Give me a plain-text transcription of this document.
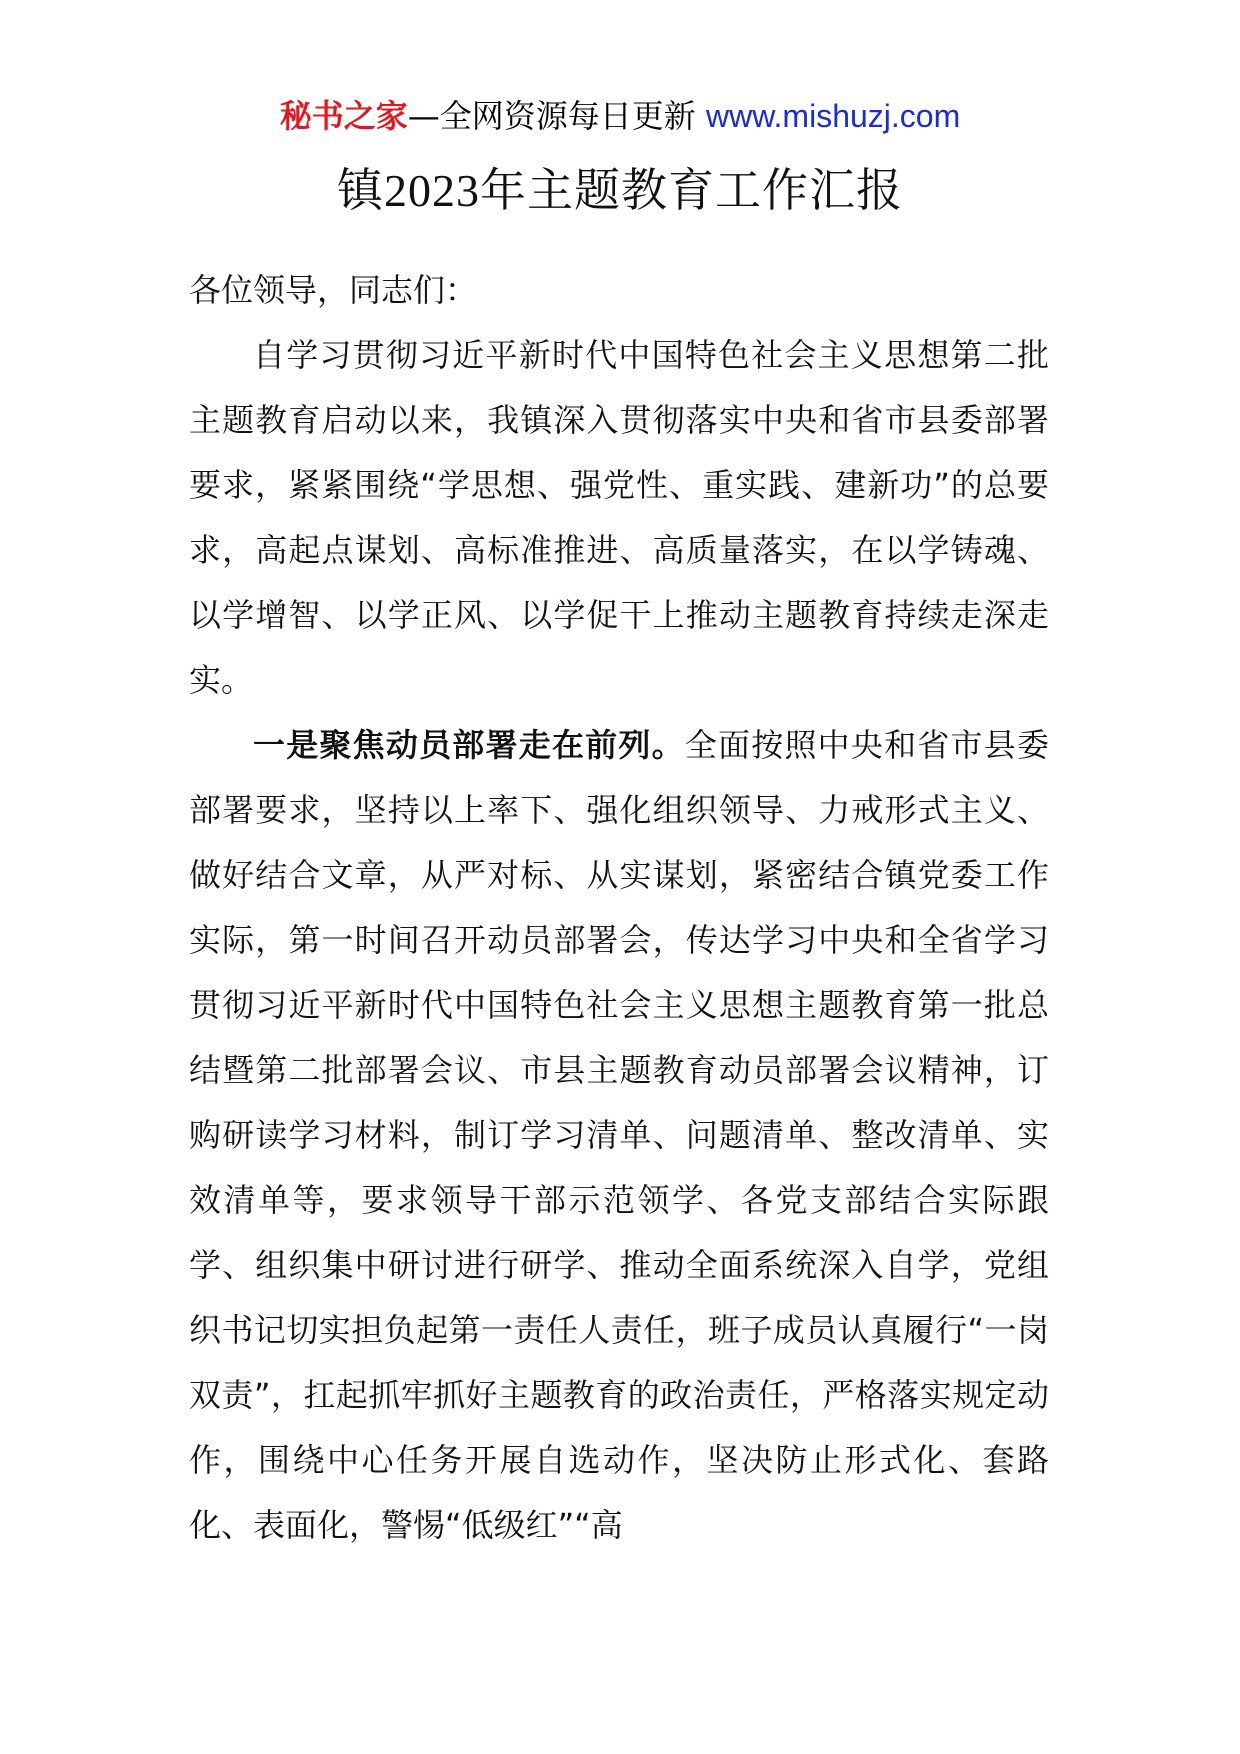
秘书之家—全网资源每日更新 www.mishuzj.com
镇2023年主题教育工作汇报

各位领导，同志们：

自学习贯彻习近平新时代中国特色社会主义思想第二批主题教育启动以来，我镇深入贯彻落实中央和省市县委部署要求，紧紧围绕“学思想、强党性、重实践、建新功”的总要求，高起点谋划、高标准推进、高质量落实，在以学铸魂、以学增智、以学正风、以学促干上推动主题教育持续走深走实。

一是聚焦动员部署走在前列。全面按照中央和省市县委部署要求，坚持以上率下、强化组织领导、力戒形式主义、做好结合文章，从严对标、从实谋划，紧密结合镇党委工作实际，第一时间召开动员部署会，传达学习中央和全省学习贯彻习近平新时代中国特色社会主义思想主题教育第一批总结暨第二批部署会议、市县主题教育动员部署会议精神，订购研读学习材料，制订学习清单、问题清单、整改清单、实效清单等，要求领导干部示范领学、各党支部结合实际跟学、组织集中研讨进行研学、推动全面系统深入自学，党组织书记切实担负起第一责任人责任，班子成员认真履行“一岗双责”，扛起抓牢抓好主题教育的政治责任，严格落实规定动作，围绕中心任务开展自选动作，坚决防止形式化、套路化、表面化，警惕“低级红”“高
